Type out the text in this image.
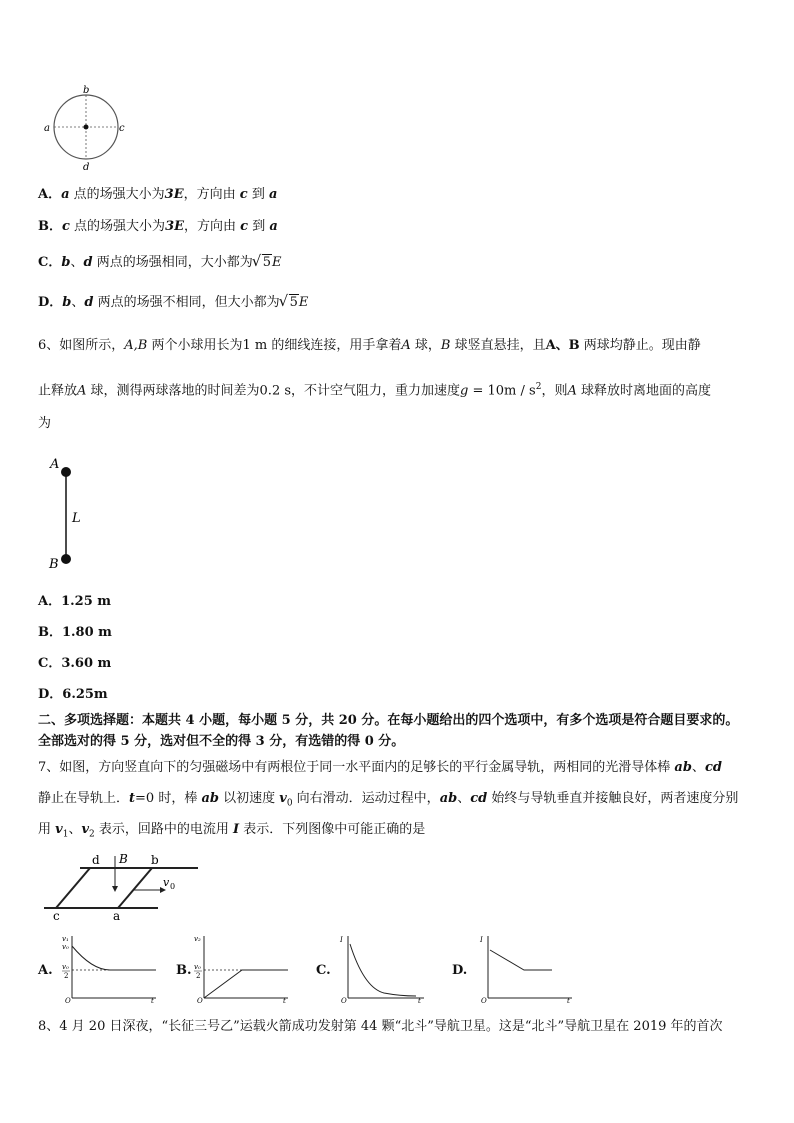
a
b
c
d
A．a 点的场强大小为3E，方向由 c 到 a
B．c 点的场强大小为3E，方向由 c 到 a
C．b、d 两点的场强相同，大小都为 √ 5E
D．b、d 两点的场强不相同，但大小都为 √ 5E
6、如图所示，A,B 两个小球用长为1 m 的细线连接，用手拿着A 球，B 球竖直悬挂，且A、B 两球均静止。现由静
止释放A 球，测得两球落地的时间差为0.2 s，不计空气阻力，重力加速度$g = 10m / s^2$，则A 球释放时离地面的高度
为
A
B
L
A．1.25 m
B．1.80 m
C．3.60 m
D．6.25m
二、多项选择题：本题共 4 小题，每小题 5 分，共 20 分。在每小题给出的四个选项中，有多个选项是符合题目要求的。
全部选对的得 5 分，选对但不全的得 3 分，有选错的得 0 分。
7、如图，方向竖直向下的匀强磁场中有两根位于同一水平面内的足够长的平行金属导轨，两相同的光滑导体棒 ab、cd
静止在导轨上．t=0 时，棒 ab 以初速度 $v_0$ 向右滑动．运动过程中，ab、cd 始终与导轨垂直并接触良好，两者速度分别
用 $v_1$、$v_2$ 表示，回路中的电流用 I 表示．下列图像中可能正确的是
d B b
c	a
v 0
A.
v₁
v₀
v₀
2
O	t
B.
v₂
v₀
2
O	t
C.
I
O	t
D.
I
O	t
8、4 月 20 日深夜，“长征三号乙”运载火箭成功发射第 44 颗“北斗”导航卫星。这是“北斗”导航卫星在 2019 年的首次
